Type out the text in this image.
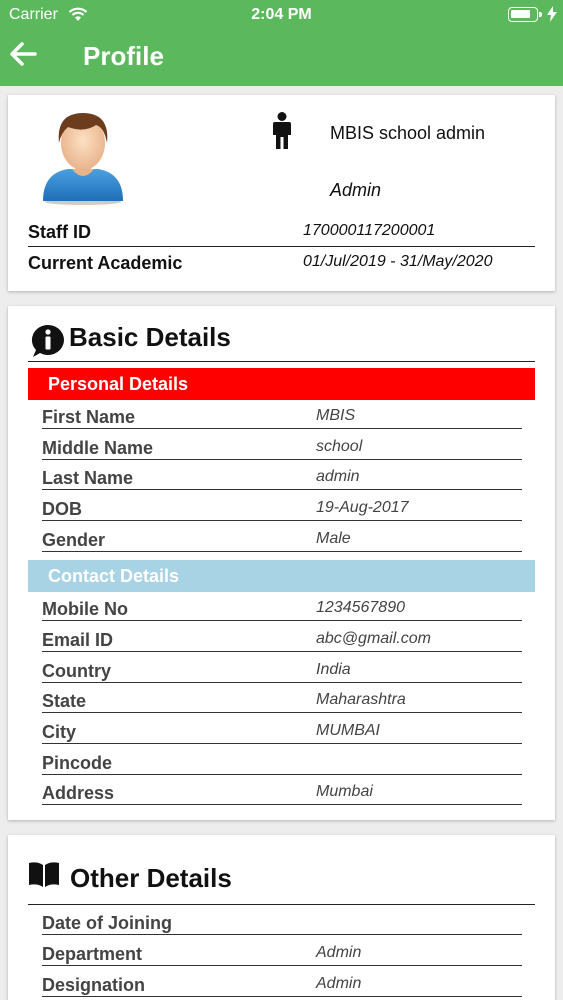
Carrier	2:04 PM
Profile
MBIS school admin
Admin
Staff ID	170000117200001
Current Academic	01/Jul/2019 - 31/May/2020
Basic Details
Personal Details
First Name	MBIS
Middle Name	school
Last Name	admin
DOB	19-Aug-2017
Gender	Male
Contact Details
Mobile No	1234567890
Email ID	abc@gmail.com
Country	India
State	Maharashtra
City	MUMBAI
Pincode
Address	Mumbai
Other Details
Date of Joining
Department	Admin
Designation	Admin
